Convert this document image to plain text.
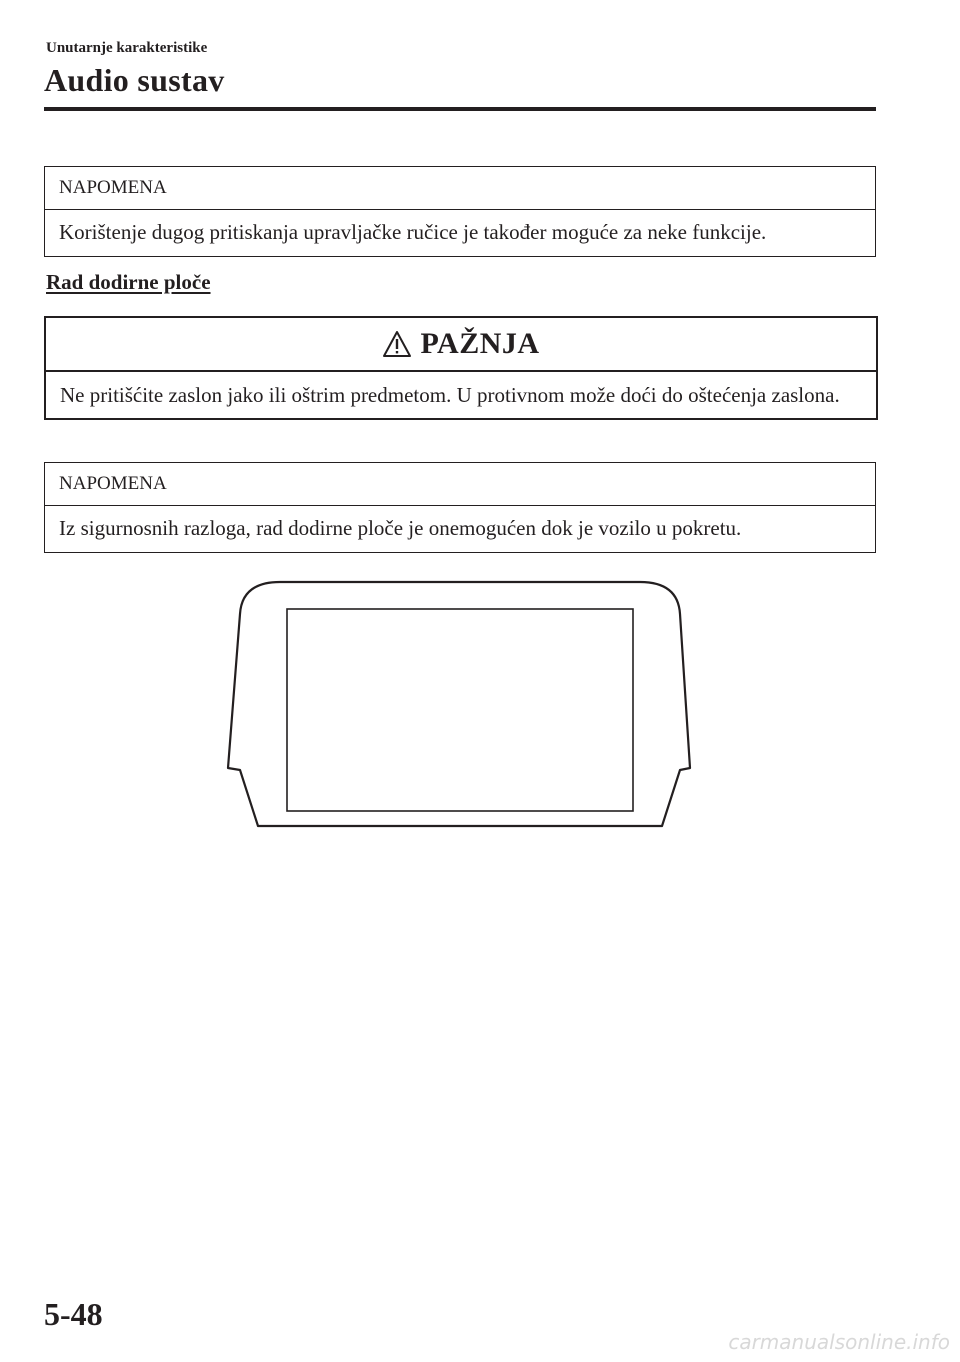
Unutarnje karakteristike
Audio sustav
NAPOMENA
Korištenje dugog pritiskanja upravljačke ručice je također moguće za neke funkcije.
Rad dodirne ploče
PAŽNJA
Ne pritišćite zaslon jako ili oštrim predmetom. U protivnom može doći do oštećenja zaslona.
NAPOMENA
Iz sigurnosnih razloga, rad dodirne ploče je onemogućen dok je vozilo u pokretu.
5-48
carmanualsonline.info
